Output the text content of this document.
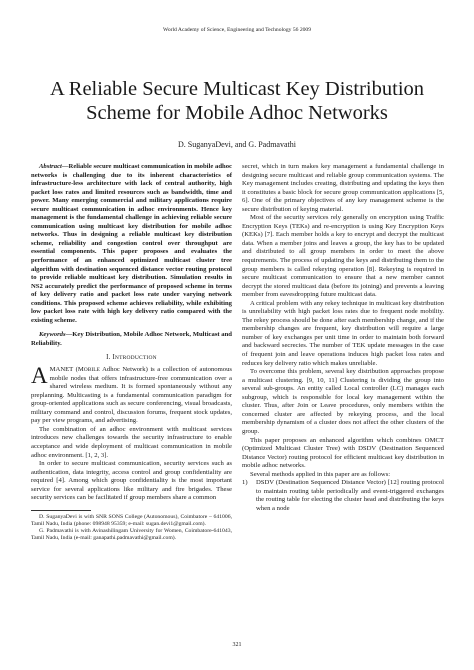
World Academy of Science, Engineering and Technology 56 2009
A Reliable Secure Multicast Key Distribution Scheme for Mobile Adhoc Networks
D. SuganyaDevi, and G. Padmavathi

Abstract—Reliable secure multicast communication in mobile adhoc networks is challenging due to its inherent characteristics of infrastructure-less architecture with lack of central authority, high packet loss rates and limited resources such as bandwidth, time and power. Many emerging commercial and military applications require secure multicast communication in adhoc environments. Hence key management is the fundamental challenge in achieving reliable secure communication using multicast key distribution for mobile adhoc networks. Thus in designing a reliable multicast key distribution scheme, reliability and congestion control over throughput are essential components. This paper proposes and evaluates the performance of an enhanced optimized multicast cluster tree algorithm with destination sequenced distance vector routing protocol to provide reliable multicast key distribution. Simulation results in NS2 accurately predict the performance of proposed scheme in terms of key delivery ratio and packet loss rate under varying network conditions. This proposed scheme achieves reliability, while exhibiting low packet loss rate with high key delivery ratio compared with the existing scheme.

Keywords—Key Distribution, Mobile Adhoc Network, Multicast and Reliability.

I. INTRODUCTION

AMANET (MOBILE Adhoc Network) is a collection of autonomous mobile nodes that offers infrastructure-free communication over a shared wireless medium. It is formed spontaneously without any preplanning. Multicasting is a fundamental communication paradigm for group-oriented applications such as secure conferencing, visual broadcasts, military command and control, discussion forums, frequent stock updates, pay per view programs, and advertising.

The combination of an adhoc environment with multicast services introduces new challenges towards the security infrastructure to enable acceptance and wide deployment of multicast communication in mobile adhoc environment. [1, 2, 3].

In order to secure multicast communication, security services such as authentication, data integrity, access control and group confidentiality are required [4]. Among which group confidentiality is the most important service for several applications like military and fire brigades. These security services can be facilitated if group members share a common

D. SuganyaDevi is with SNR SONS College (Autonomous), Coimbatore – 641006, Tamil Nadu, India (phone: 098948 95359; e-mail: sugan.devi1@gmail.com).

G. Padmavathi is with Avinashilingam University for Women, Coimbatore-641043, Tamil Nadu, India (e-mail: ganapathi.padmavathi@gmail.com).

secret, which in turn makes key management a fundamental challenge in designing secure multicast and reliable group communication systems. The Key management includes creating, distributing and updating the keys then it constitutes a basic block for secure group communication applications [5, 6]. One of the primary objectives of any key management scheme is the secure distribution of keying material.

Most of the security services rely generally on encryption using Traffic Encryption Keys (TEKs) and re-encryption is using Key Encryption Keys (KEKs) [7]. Each member holds a key to encrypt and decrypt the multicast data. When a member joins and leaves a group, the key has to be updated and distributed to all group members in order to meet the above requirements. The process of updating the keys and distributing them to the group members is called rekeying operation [8]. Rekeying is required in secure multicast communication to ensure that a new member cannot decrypt the stored multicast data (before its joining) and prevents a leaving member from eavesdropping future multicast data.

A critical problem with any rekey technique in multicast key distribution is unreliability with high packet loss rates due to frequent node mobility. The rekey process should be done after each membership change, and if the membership changes are frequent, key distribution will require a large number of key exchanges per unit time in order to maintain both forward and backward secrecies. The number of TEK update messages in the case of frequent join and leave operations induces high packet loss rates and reduces key delivery ratio which makes unreliable.

To overcome this problem, several key distribution approaches propose a multicast clustering. [9, 10, 11] Clustering is dividing the group into several sub-groups. An entity called Local controller (LC) manages each subgroup, which is responsible for local key management within the cluster. Thus, after Join or Leave procedures, only members within the concerned cluster are affected by rekeying process, and the local membership dynamism of a cluster does not affect the other clusters of the group.

This paper proposes an enhanced algorithm which combines OMCT (Optimized Multicast Cluster Tree) with DSDV (Destination Sequenced Distance Vector) routing protocol for efficient multicast key distribution in mobile adhoc networks.

Several methods applied in this paper are as follows:

1)	DSDV (Destination Sequenced Distance Vector) [12] routing protocol to maintain routing table periodically and event-triggered exchanges the routing table for electing the cluster head and distributing the keys when a node
321
